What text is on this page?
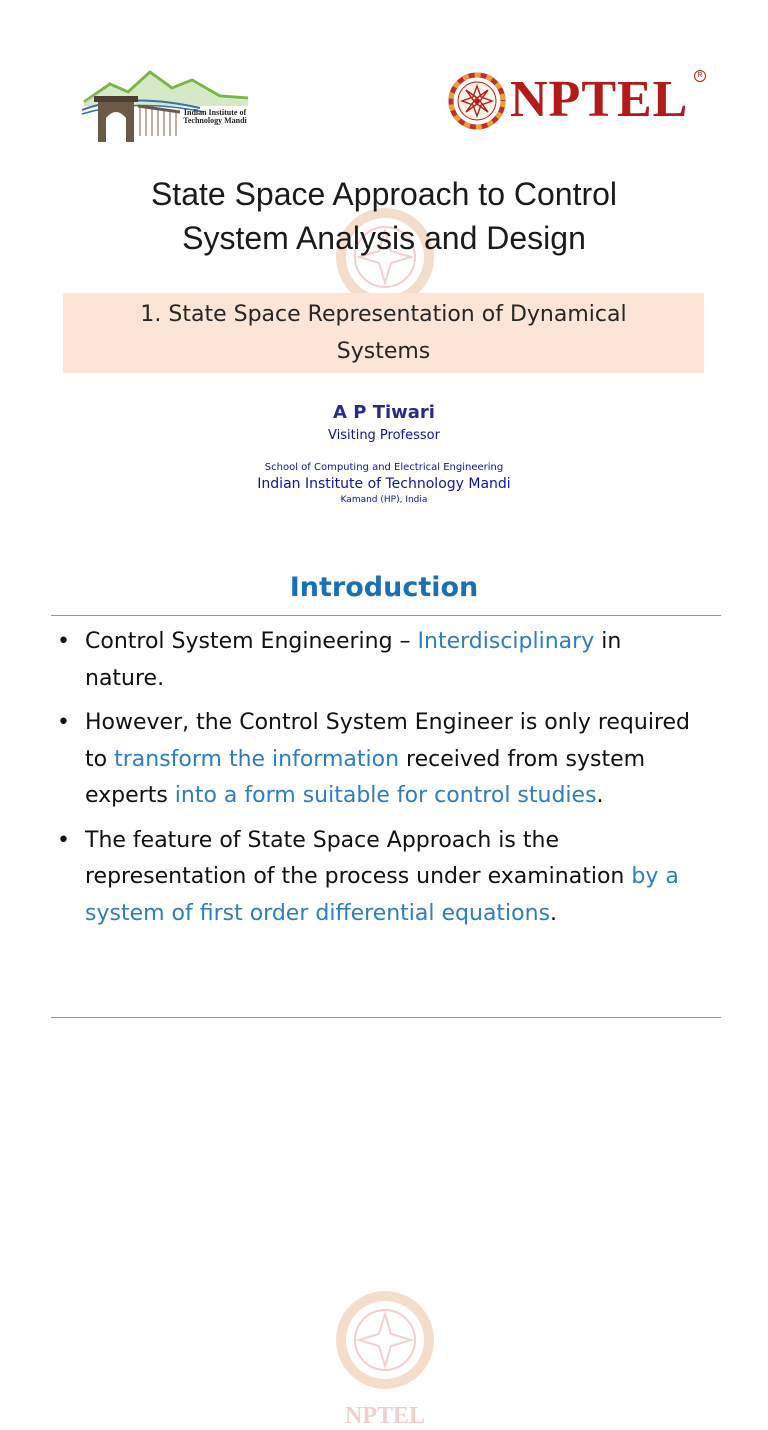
Indian Institute of Technology Mandi	NPTEL	R
State Space Approach to Control
System Analysis and Design
1. State Space Representation of Dynamical
Systems
A P Tiwari
Visiting Professor
School of Computing and Electrical Engineering
Indian Institute of Technology Mandi
Kamand (HP), India
NPTEL
Introduction
• Control System Engineering – Interdisciplinary in nature.
• However, the Control System Engineer is only required to transform the information received from system experts into a form suitable for control studies.
• The feature of State Space Approach is the representation of the process under examination by a system of first order differential equations.
